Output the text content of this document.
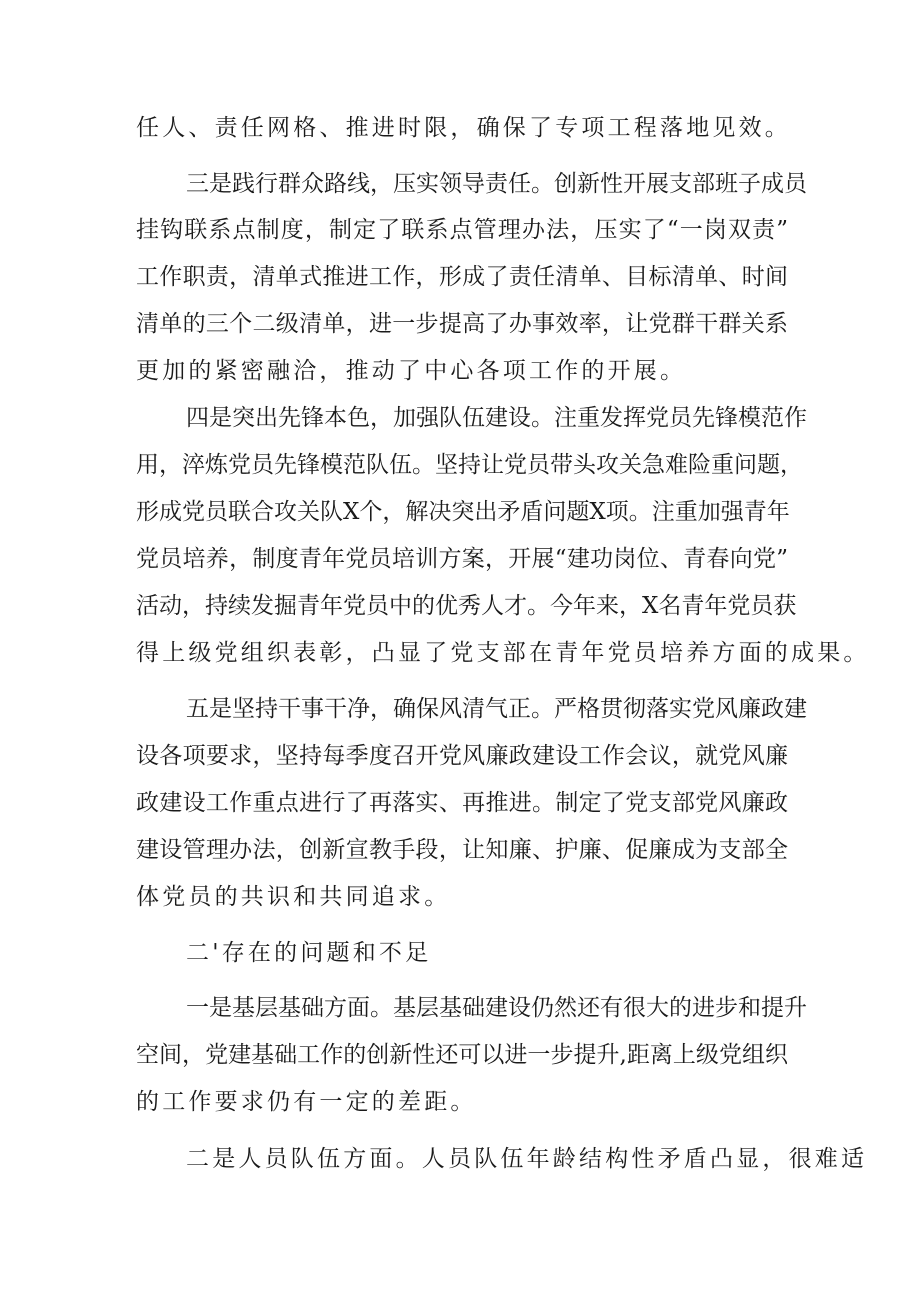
任人、责任网格、推进时限，确保了专项工程落地见效。
三是践行群众路线，压实领导责任。创新性开展支部班子成员
挂钩联系点制度，制定了联系点管理办法，压实了“一岗双责”
工作职责，清单式推进工作，形成了责任清单、目标清单、时间
清单的三个二级清单，进一步提高了办事效率，让党群干群关系
更加的紧密融洽，推动了中心各项工作的开展。
四是突出先锋本色，加强队伍建设。注重发挥党员先锋模范作
用，淬炼党员先锋模范队伍。坚持让党员带头攻关急难险重问题，
形成党员联合攻关队X个，解决突出矛盾问题X项。注重加强青年
党员培养，制度青年党员培训方案，开展“建功岗位、青春向党”
活动，持续发掘青年党员中的优秀人才。今年来，X名青年党员获
得上级党组织表彰，凸显了党支部在青年党员培养方面的成果。
五是坚持干事干净，确保风清气正。严格贯彻落实党风廉政建
设各项要求，坚持每季度召开党风廉政建设工作会议，就党风廉
政建设工作重点进行了再落实、再推进。制定了党支部党风廉政
建设管理办法，创新宣教手段，让知廉、护廉、促廉成为支部全
体党员的共识和共同追求。
二'存在的问题和不足
一是基层基础方面。基层基础建设仍然还有很大的进步和提升
空间，党建基础工作的创新性还可以进一步提升,距离上级党组织
的工作要求仍有一定的差距。
二是人员队伍方面。人员队伍年龄结构性矛盾凸显，很难适
